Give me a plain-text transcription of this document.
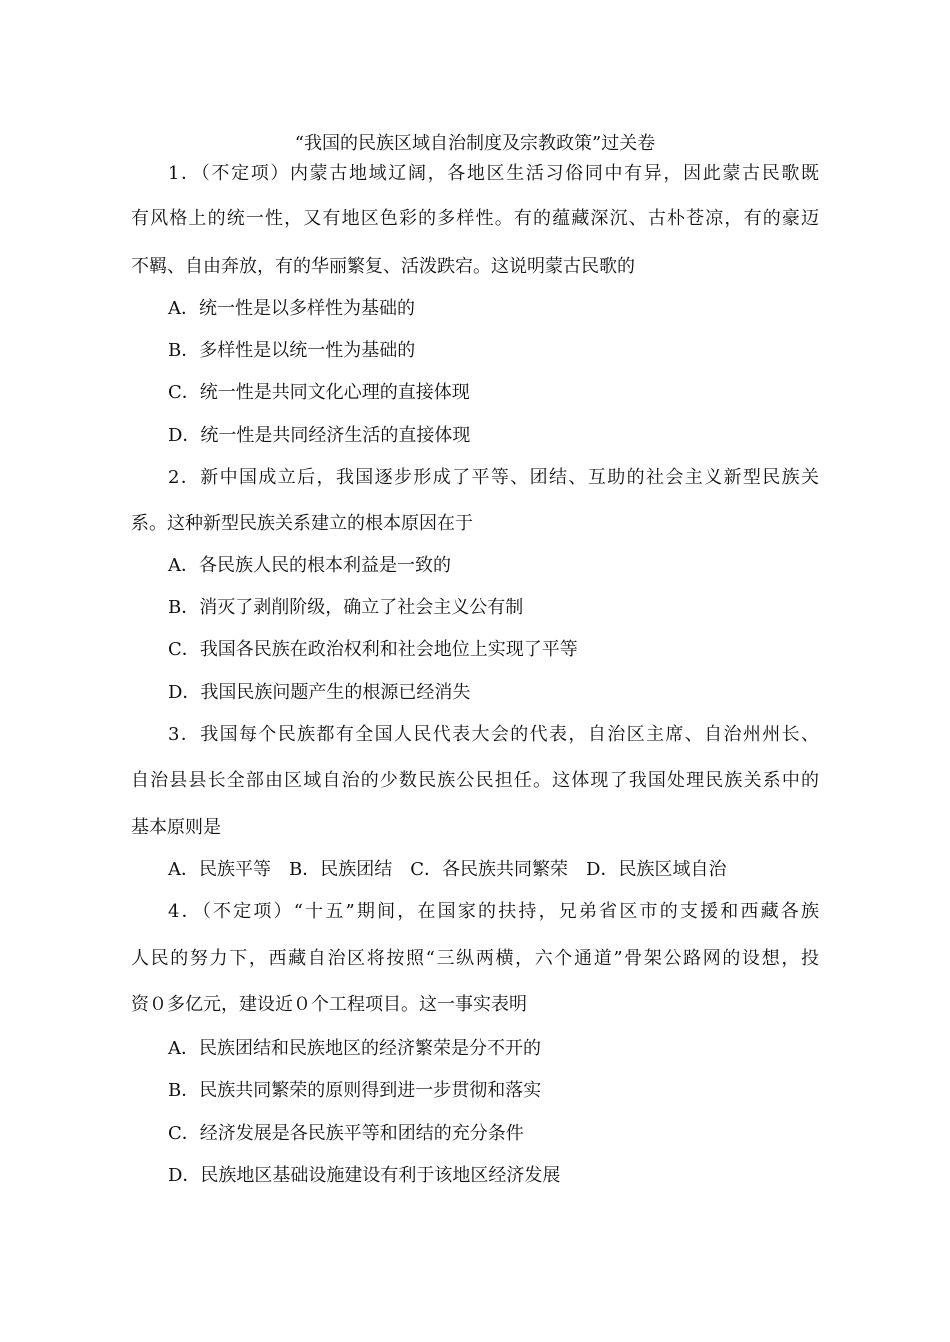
“我国的民族区域自治制度及宗教政策”过关卷
1．（不定项）内蒙古地域辽阔，各地区生活习俗同中有异，因此蒙古民歌既
有风格上的统一性，又有地区色彩的多样性。有的蕴藏深沉、古朴苍凉，有的豪迈
不羁、自由奔放，有的华丽繁复、活泼跌宕。这说明蒙古民歌的
A．统一性是以多样性为基础的
B．多样性是以统一性为基础的
C．统一性是共同文化心理的直接体现
D．统一性是共同经济生活的直接体现
2．新中国成立后，我国逐步形成了平等、团结、互助的社会主义新型民族关
系。这种新型民族关系建立的根本原因在于
A．各民族人民的根本利益是一致的
B．消灭了剥削阶级，确立了社会主义公有制
C．我国各民族在政治权利和社会地位上实现了平等
D．我国民族问题产生的根源已经消失
3．我国每个民族都有全国人民代表大会的代表，自治区主席、自治州州长、
自治县县长全部由区域自治的少数民族公民担任。这体现了我国处理民族关系中的
基本原则是
A．民族平等 B．民族团结 C．各民族共同繁荣 D．民族区域自治
4．（不定项）“十五”期间，在国家的扶持，兄弟省区市的支援和西藏各族
人民的努力下，西藏自治区将按照“三纵两横，六个通道”骨架公路网的设想，投
资０多亿元，建设近０个工程项目。这一事实表明
A．民族团结和民族地区的经济繁荣是分不开的
B．民族共同繁荣的原则得到进一步贯彻和落实
C．经济发展是各民族平等和团结的充分条件
D．民族地区基础设施建设有利于该地区经济发展
